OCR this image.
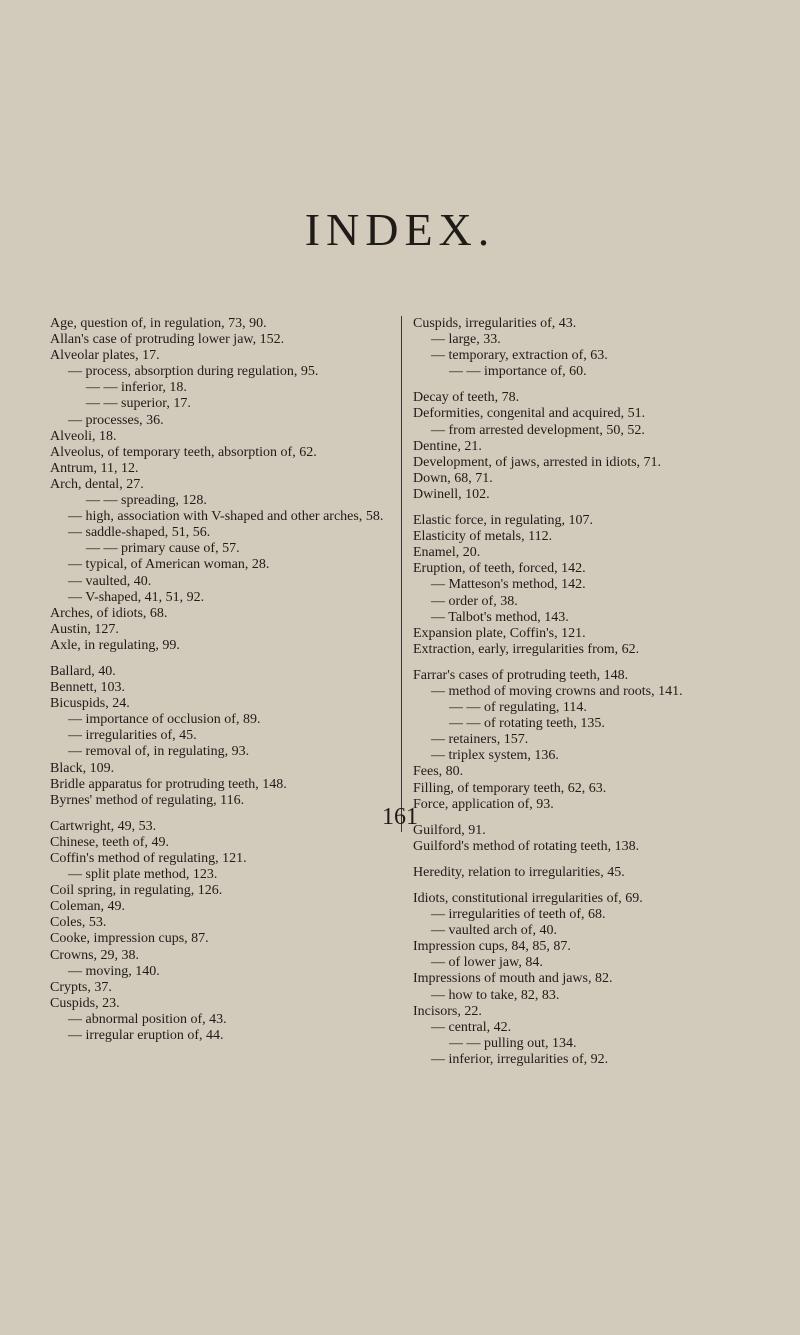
INDEX.
Age, question of, in regulation, 73, 90.
Allan's case of protruding lower jaw, 152.
Alveolar plates, 17.
— process, absorption during regulation, 95.
— — inferior, 18.
— — superior, 17.
— processes, 36.
Alveoli, 18.
Alveolus, of temporary teeth, absorption of, 62.
Antrum, 11, 12.
Arch, dental, 27.
— — spreading, 128.
— high, association with V-shaped and other arches, 58.
— saddle-shaped, 51, 56.
— — primary cause of, 57.
— typical, of American woman, 28.
— vaulted, 40.
— V-shaped, 41, 51, 92.
Arches, of idiots, 68.
Austin, 127.
Axle, in regulating, 99.
Ballard, 40.
Bennett, 103.
Bicuspids, 24.
— importance of occlusion of, 89.
— irregularities of, 45.
— removal of, in regulating, 93.
Black, 109.
Bridle apparatus for protruding teeth, 148.
Byrnes' method of regulating, 116.
Cartwright, 49, 53.
Chinese, teeth of, 49.
Coffin's method of regulating, 121.
— split plate method, 123.
Coil spring, in regulating, 126.
Coleman, 49.
Coles, 53.
Cooke, impression cups, 87.
Crowns, 29, 38.
— moving, 140.
Crypts, 37.
Cuspids, 23.
— abnormal position of, 43.
— irregular eruption of, 44.
Cuspids, irregularities of, 43.
— large, 33.
— temporary, extraction of, 63.
— — importance of, 60.
Decay of teeth, 78.
Deformities, congenital and acquired, 51.
— from arrested development, 50, 52.
Dentine, 21.
Development, of jaws, arrested in idiots, 71.
Down, 68, 71.
Dwinell, 102.
Elastic force, in regulating, 107.
Elasticity of metals, 112.
Enamel, 20.
Eruption, of teeth, forced, 142.
— Matteson's method, 142.
— order of, 38.
— Talbot's method, 143.
Expansion plate, Coffin's, 121.
Extraction, early, irregularities from, 62.
Farrar's cases of protruding teeth, 148.
— method of moving crowns and roots, 141.
— — of regulating, 114.
— — of rotating teeth, 135.
— retainers, 157.
— triplex system, 136.
Fees, 80.
Filling, of temporary teeth, 62, 63.
Force, application of, 93.
Guilford, 91.
Guilford's method of rotating teeth, 138.
Heredity, relation to irregularities, 45.
Idiots, constitutional irregularities of, 69.
— irregularities of teeth of, 68.
— vaulted arch of, 40.
Impression cups, 84, 85, 87.
— of lower jaw, 84.
Impressions of mouth and jaws, 82.
— how to take, 82, 83.
Incisors, 22.
— central, 42.
— — pulling out, 134.
— inferior, irregularities of, 92.
161
